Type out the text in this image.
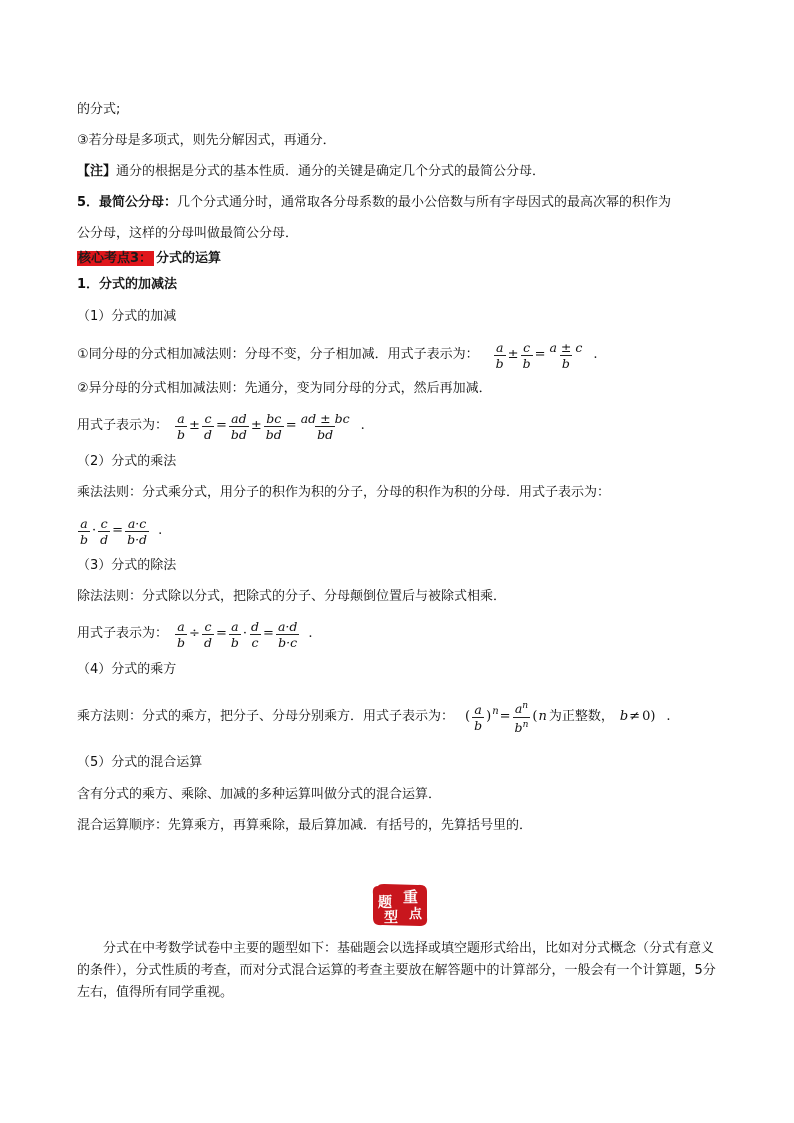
的分式;
③若分母是多项式，则先分解因式，再通分．
【注】通分的根据是分式的基本性质．通分的关键是确定几个分式的最简公分母．
5．最简公分母：几个分式通分时，通常取各分母系数的最小公倍数与所有字母因式的最高次幂的积作为
公分母，这样的分母叫做最简公分母．
核心考点3： 分式的运算
1．分式的加减法
（1）分式的加减
①同分母的分式相加减法则：分母不变，分子相加减．用式子表示为： $\frac{a}{b} \pm \frac{c}{b} = \frac{a \pm c}{b}$ .
②异分母的分式相加减法则：先通分，变为同分母的分式，然后再加减．
用式子表示为： $\frac{a}{b} \pm \frac{c}{d} = \frac{ad}{bd} \pm \frac{bc}{bd} = \frac{ad \pm bc}{bd}$ .
（2）分式的乘法
乘法法则：分式乘分式，用分子的积作为积的分子，分母的积作为积的分母．用式子表示为：
$\frac{a}{b} \cdot \frac{c}{d} = \frac{a\cdot c}{b\cdot d}$ .
（3）分式的除法
除法法则：分式除以分式，把除式的分子、分母颠倒位置后与被除式相乘．
用式子表示为： $\frac{a}{b} \div \frac{c}{d} = \frac{a}{b} \cdot \frac{d}{c} = \frac{a\cdot d}{b\cdot c}$ .
（4）分式的乘方
乘方法则：分式的乘方，把分子、分母分别乘方．用式子表示为： ( $\frac{a}{b}$ ) $n = \frac{a^n}{b^n}$ ( n 为正整数， b ≠ 0) .
（5）分式的混合运算
含有分式的乘方、乘除、加减的多种运算叫做分式的混合运算．
混合运算顺序：先算乘方，再算乘除，最后算加减．有括号的，先算括号里的．
重
点
题
型
分式在中考数学试卷中主要的题型如下：基础题会以选择或填空题形式给出，比如对分式概念（分式有意义的条件），分式性质的考查，而对分式混合运算的考查主要放在解答题中的计算部分，一般会有一个计算题，5分左右，值得所有同学重视。
